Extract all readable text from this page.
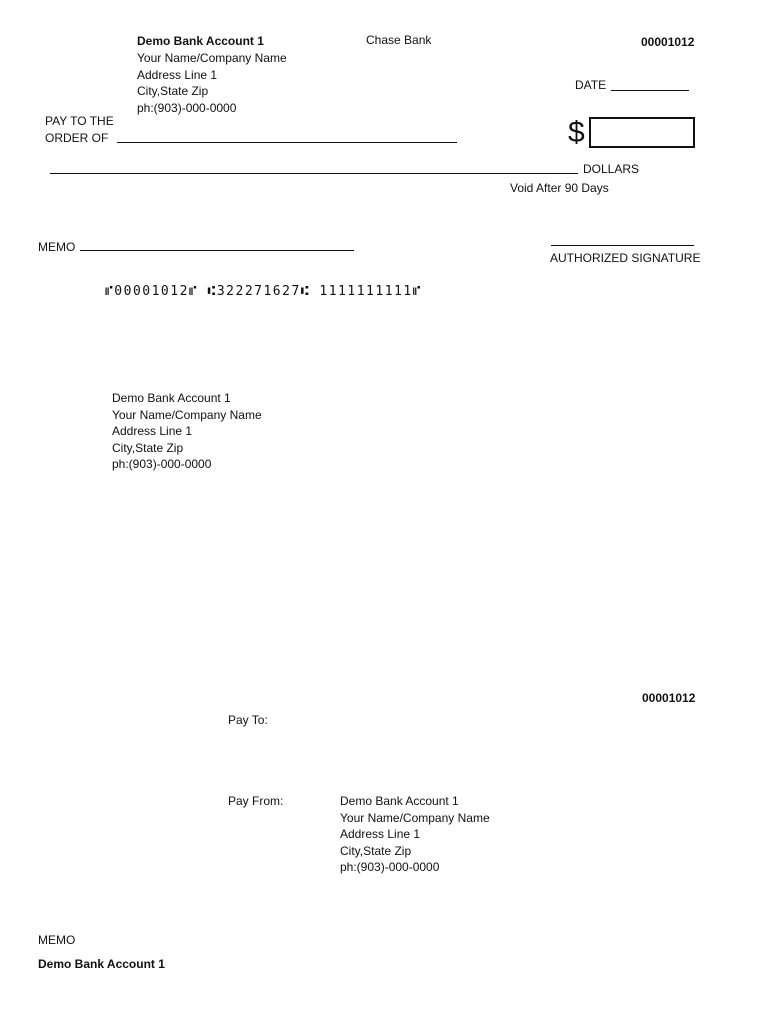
Demo Bank Account 1
Your Name/Company Name
Address Line 1
City,State Zip
ph:(903)-000-0000
Chase Bank	00001012
DATE
PAY TO THE
ORDER OF	$
DOLLARS
Void After 90 Days
MEMO
AUTHORIZED SIGNATURE
⑈00001012⑈ ⑆322271627⑆ 1111111111⑈
Demo Bank Account 1
Your Name/Company Name
Address Line 1
City,State Zip
ph:(903)-000-0000
00001012
Pay To:
Pay From:	Demo Bank Account 1
Your Name/Company Name
Address Line 1
City,State Zip
ph:(903)-000-0000
MEMO
Demo Bank Account 1
